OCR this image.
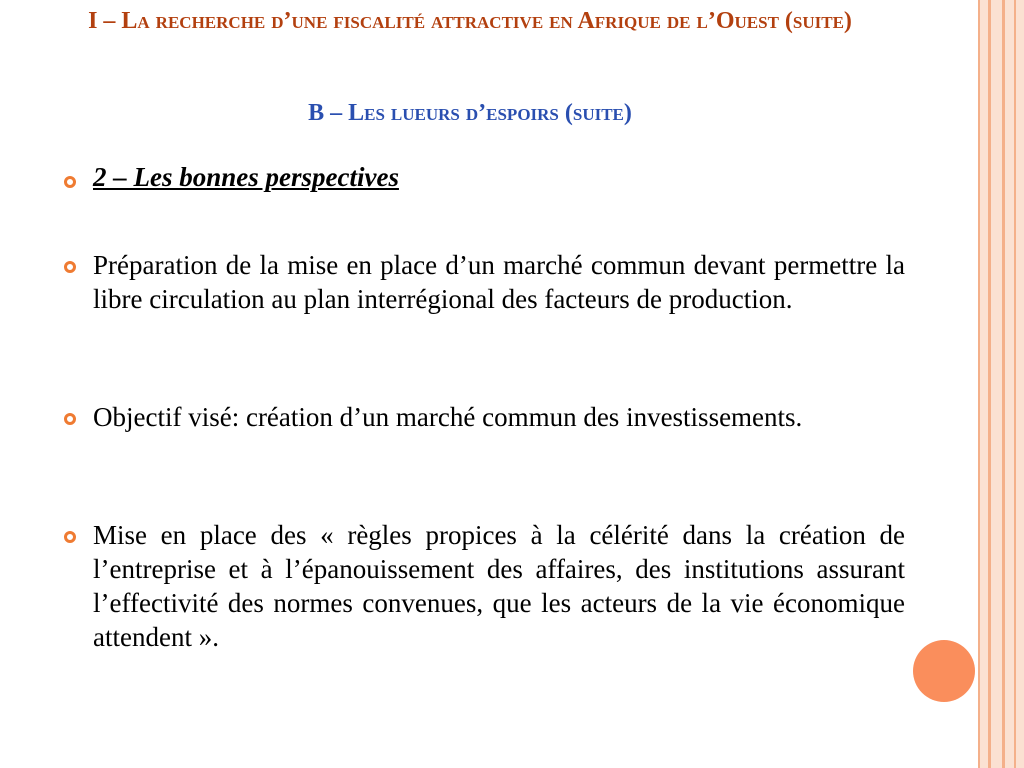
I – La recherche d’une fiscalité attractive en Afrique de l’Ouest (suite)
B – Les lueurs d’espoirs (suite)
2 – Les bonnes perspectives
Préparation de la mise en place d’un marché commun devant permettre la libre circulation au plan interrégional des facteurs de production.
Objectif visé: création d’un marché commun des investissements.
Mise en place des « règles propices à la célérité dans la création de l’entreprise et à l’épanouissement des affaires, des institutions assurant l’effectivité des normes convenues, que les acteurs de la vie économique attendent ».
